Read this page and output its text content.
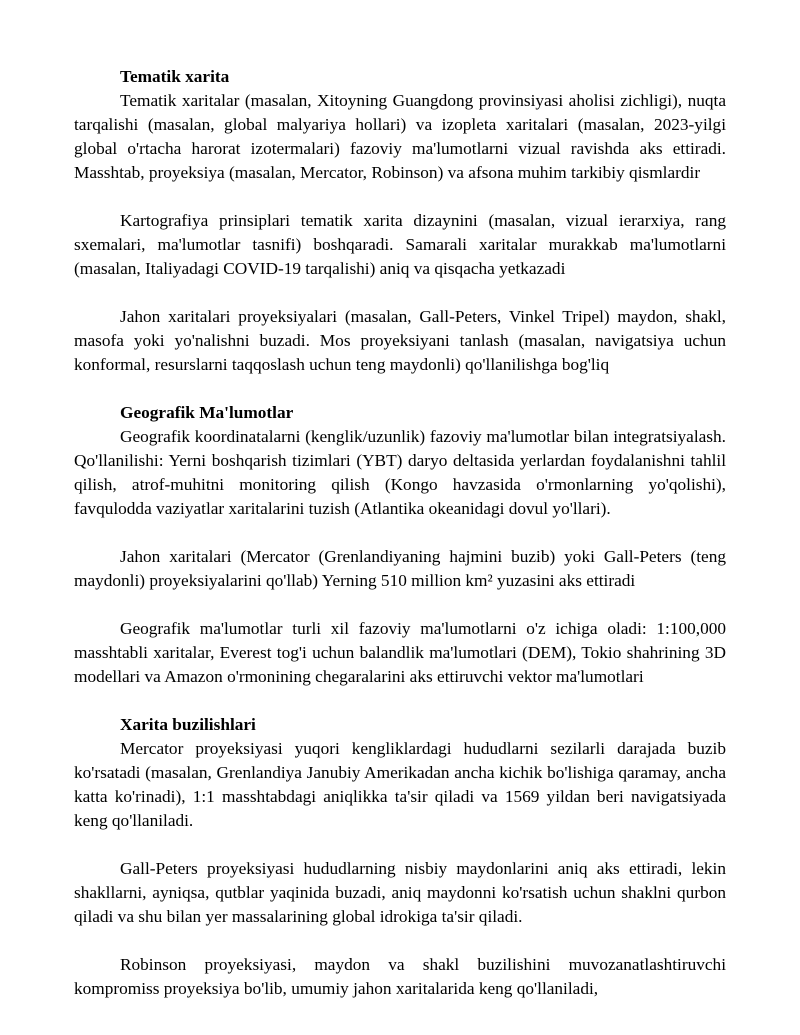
Tematik xarita

Tematik xaritalar (masalan, Xitoyning Guangdong provinsiyasi aholisi zichligi), nuqta tarqalishi (masalan, global malyariya hollari) va izopleta xaritalari (masalan, 2023-yilgi global o'rtacha harorat izotermalari) fazoviy ma'lumotlarni vizual ravishda aks ettiradi. Masshtab, proyeksiya (masalan, Mercator, Robinson) va afsona muhim tarkibiy qismlardir

Kartografiya prinsiplari tematik xarita dizaynini (masalan, vizual ierarxiya, rang sxemalari, ma'lumotlar tasnifi) boshqaradi. Samarali xaritalar murakkab ma'lumotlarni (masalan, Italiyadagi COVID-19 tarqalishi) aniq va qisqacha yetkazadi

Jahon xaritalari proyeksiyalari (masalan, Gall-Peters, Vinkel Tripel) maydon, shakl, masofa yoki yo'nalishni buzadi. Mos proyeksiyani tanlash (masalan, navigatsiya uchun konformal, resurslarni taqqoslash uchun teng maydonli) qo'llanilishga bog'liq

Geografik Ma'lumotlar

Geografik koordinatalarni (kenglik/uzunlik) fazoviy ma'lumotlar bilan integratsiyalash. Qo'llanilishi: Yerni boshqarish tizimlari (YBT) daryo deltasida yerlardan foydalanishni tahlil qilish, atrof-muhitni monitoring qilish (Kongo havzasida o'rmonlarning yo'qolishi), favqulodda vaziyatlar xaritalarini tuzish (Atlantika okeanidagi dovul yo'llari).

Jahon xaritalari (Mercator (Grenlandiyaning hajmini buzib) yoki Gall-Peters (teng maydonli) proyeksiyalarini qo'llab) Yerning 510 million km² yuzasini aks ettiradi

Geografik ma'lumotlar turli xil fazoviy ma'lumotlarni o'z ichiga oladi: 1:100,000 masshtabli xaritalar, Everest tog'i uchun balandlik ma'lumotlari (DEM), Tokio shahrining 3D modellari va Amazon o'rmonining chegaralarini aks ettiruvchi vektor ma'lumotlari

Xarita buzilishlari

Mercator proyeksiyasi yuqori kengliklardagi hududlarni sezilarli darajada buzib ko'rsatadi (masalan, Grenlandiya Janubiy Amerikadan ancha kichik bo'lishiga qaramay, ancha katta ko'rinadi), 1:1 masshtabdagi aniqlikka ta'sir qiladi va 1569 yildan beri navigatsiyada keng qo'llaniladi.

Gall-Peters proyeksiyasi hududlarning nisbiy maydonlarini aniq aks ettiradi, lekin shakllarni, ayniqsa, qutblar yaqinida buzadi, aniq maydonni ko'rsatish uchun shaklni qurbon qiladi va shu bilan yer massalarining global idrokiga ta'sir qiladi.

Robinson proyeksiyasi, maydon va shakl buzilishini muvozanatlashtiruvchi kompromiss proyeksiya bo'lib, umumiy jahon xaritalarida keng qo'llaniladi,
